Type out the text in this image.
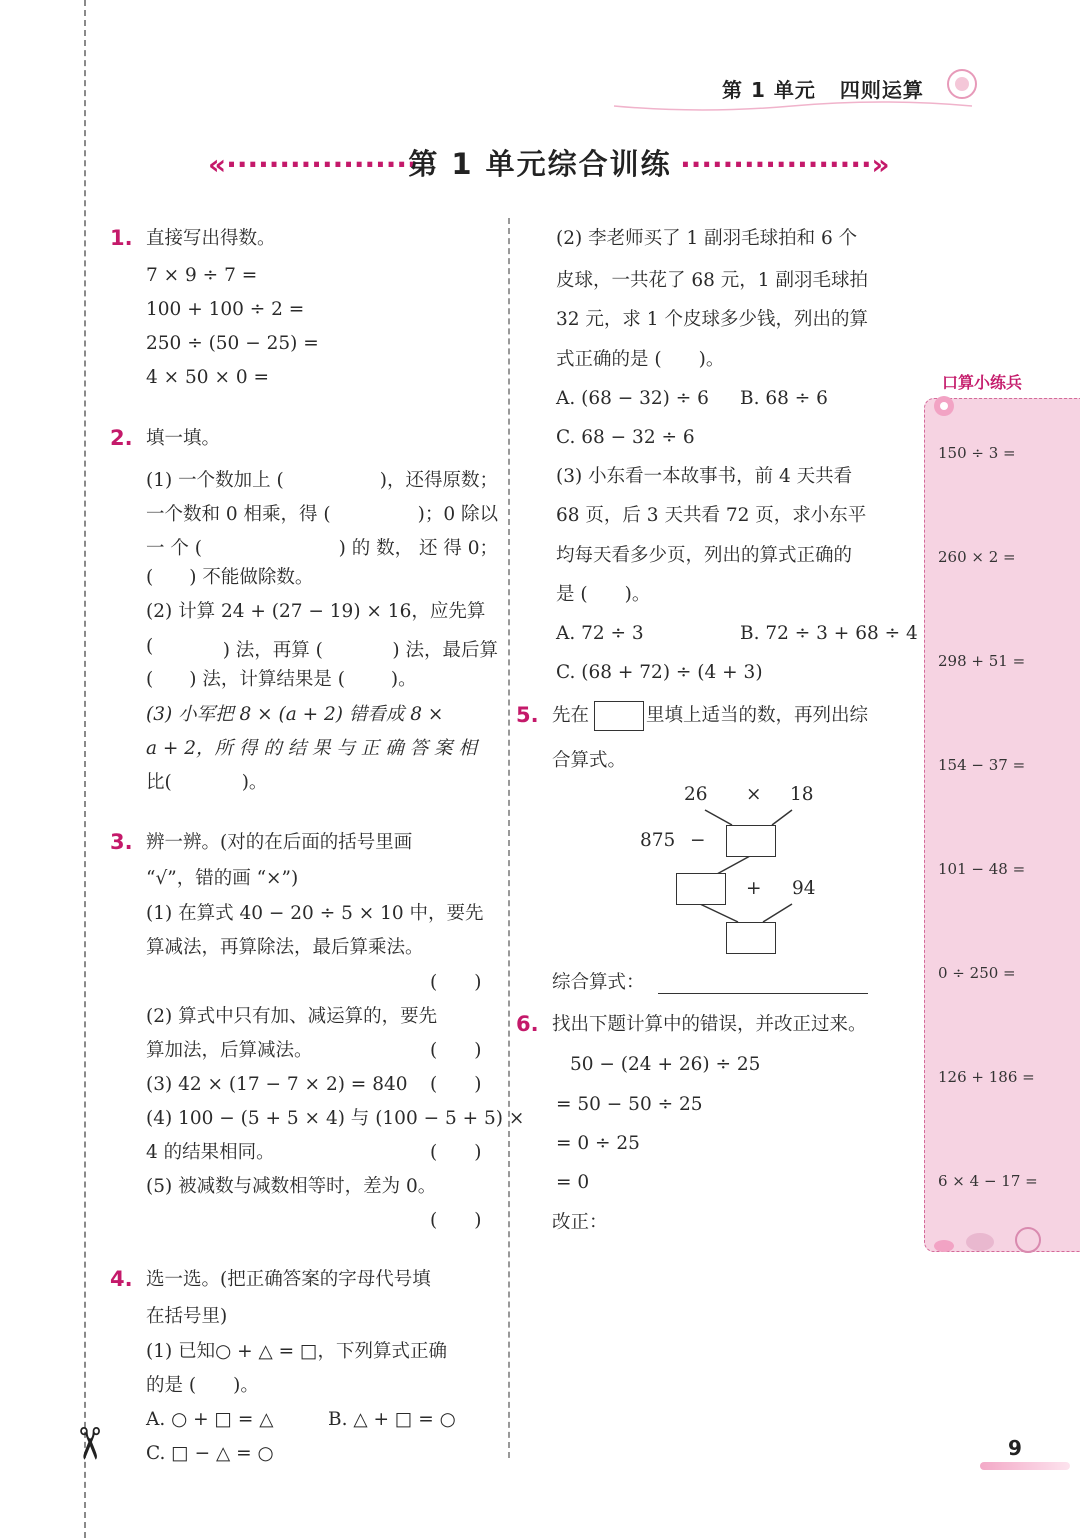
✂
第 1 单元 四则运算
«∙∙∙∙∙∙∙∙∙∙∙∙∙∙∙∙∙∙
第 1 单元综合训练 ∙∙∙∙∙∙∙∙∙∙∙∙∙∙∙∙∙∙»
1. 直接写出得数。
7 × 9 ÷ 7 =
100 + 100 ÷ 2 =
250 ÷ (50 − 25) =
4 × 50 × 0 =
2. 填一填。
(1) 一个数加上 (	)，还得原数；
一个数和 0 相乘，得 (	)；0 除以
一 个 (	) 的 数， 还 得 0；
( ) 不能做除数。
(2) 计算 24 + (27 − 19) × 16，应先算
(	) 法，再算 (	) 法，最后算
( ) 法，计算结果是 ( )。
(3) 小军把 8 × (a + 2) 错看成 8 ×
a + 2，所 得 的 结 果 与 正 确 答 案 相
比(	)。
3. 辨一辨。(对的在后面的括号里画
“√”，错的画 “×”)
(1) 在算式 40 − 20 ÷ 5 × 10 中，要先
算减法，再算除法，最后算乘法。
(　　)
(2) 算式中只有加、减运算的，要先
算加法，后算减法。	(　　)
(3) 42 × (17 − 7 × 2) = 840 (　　)
(4) 100 − (5 + 5 × 4) 与 (100 − 5 + 5) ×
4 的结果相同。	(　　)
(5) 被减数与减数相等时，差为 0。
(　　)
4. 选一选。(把正确答案的字母代号填
在括号里)
(1) 已知○ + △ = □，下列算式正确
的是 (　　)。
A. ○ + □ = △	B. △ + □ = ○
C. □ − △ = ○
(2) 李老师买了 1 副羽毛球拍和 6 个
皮球，一共花了 68 元，1 副羽毛球拍
32 元，求 1 个皮球多少钱，列出的算
式正确的是 (　　)。
A. (68 − 32) ÷ 6 B. 68 ÷ 6
C. 68 − 32 ÷ 6
(3) 小东看一本故事书，前 4 天共看
68 页，后 3 天共看 72 页，求小东平
均每天看多少页，列出的算式正确的
是 (　　)。
A. 72 ÷ 3	B. 72 ÷ 3 + 68 ÷ 4
C. (68 + 72) ÷ (4 + 3)
5. 先在	里填上适当的数，再列出综
合算式。
26 × 18
875 −
+ 94
综合算式：
6. 找出下题计算中的错误，并改正过来。
50 − (24 + 26) ÷ 25
= 50 − 50 ÷ 25
= 0 ÷ 25
= 0
改正：
口算小练兵
150 ÷ 3 =
260 × 2 =
298 + 51 =
154 − 37 =
101 − 48 =
0 ÷ 250 =
126 + 186 =
6 × 4 − 17 =
9
